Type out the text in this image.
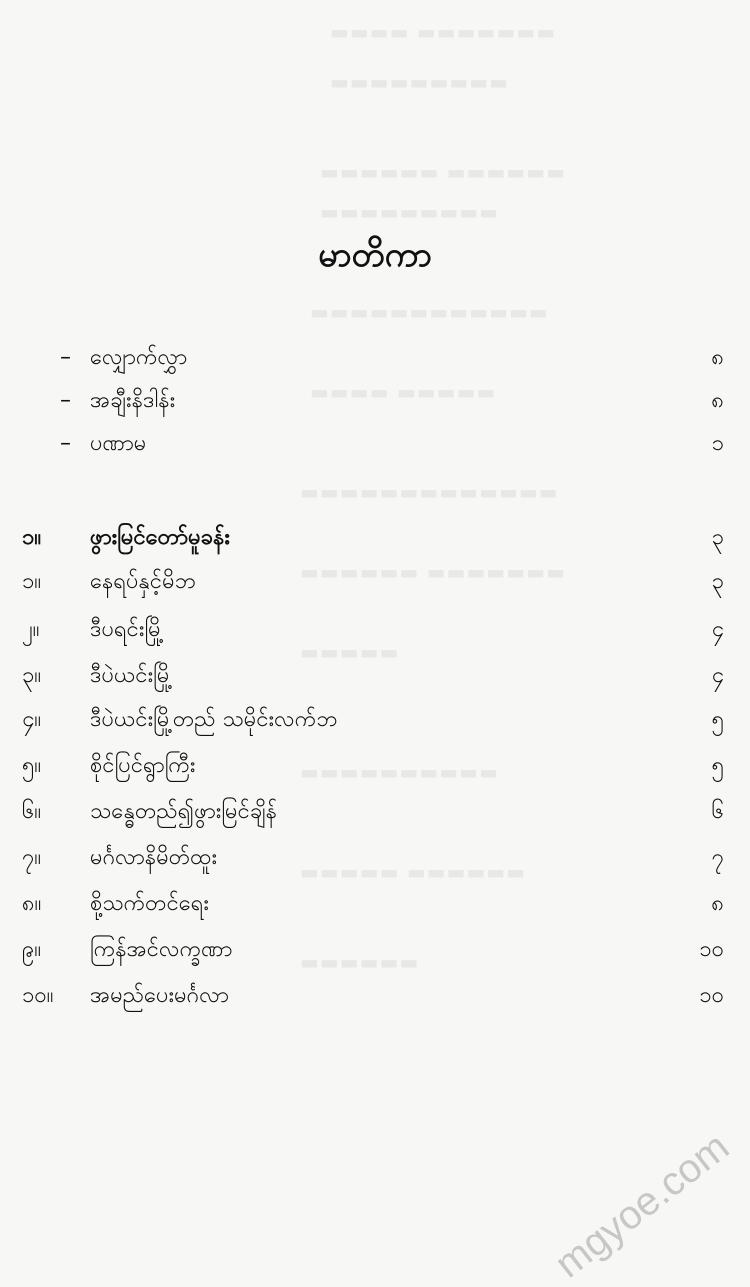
▬▬▬▬ ▬▬▬▬▬▬▬
▬▬▬▬▬▬▬▬▬
▬▬▬▬▬▬ ▬▬▬▬▬▬
▬▬▬▬▬▬▬▬▬
▬▬▬▬▬▬▬▬▬▬▬▬
▬▬▬▬ ▬▬▬▬▬
▬▬▬▬▬▬▬▬▬▬▬▬▬
▬▬▬▬▬▬ ▬▬▬▬▬▬▬
▬▬▬▬▬
▬▬▬▬▬▬▬▬▬▬
▬▬▬▬▬ ▬▬▬▬▬▬
▬▬▬▬▬▬
မာတိကာ
– လျှောက်လွှာ	၈
– အချီးနိဒါန်း	၈
– ပဏာမ	၁
၁။	ဖွားမြင်တော်မူခန်း	၃
၁။	နေရပ်နှင့်မိဘ	၃
၂။	ဒီပရင်းမြို့	၄
၃။	ဒီပဲယင်းမြို့	၄
၄။	ဒီပဲယင်းမြို့တည် သမိုင်းလက်ဘ	၅
၅။	စိုင်ပြင်ရွာကြီး	၅
၆။	သန္ဓေတည်၍ဖွားမြင်ချိန်	၆
၇။	မင်္ဂလာနိမိတ်ထူး	၇
၈။	စို့သက်တင်ရေး	၈
၉။	ကြန်အင်လက္ခဏာ	၁၀
၁၀။	အမည်ပေးမင်္ဂလာ	၁၀
mgyoe.com
